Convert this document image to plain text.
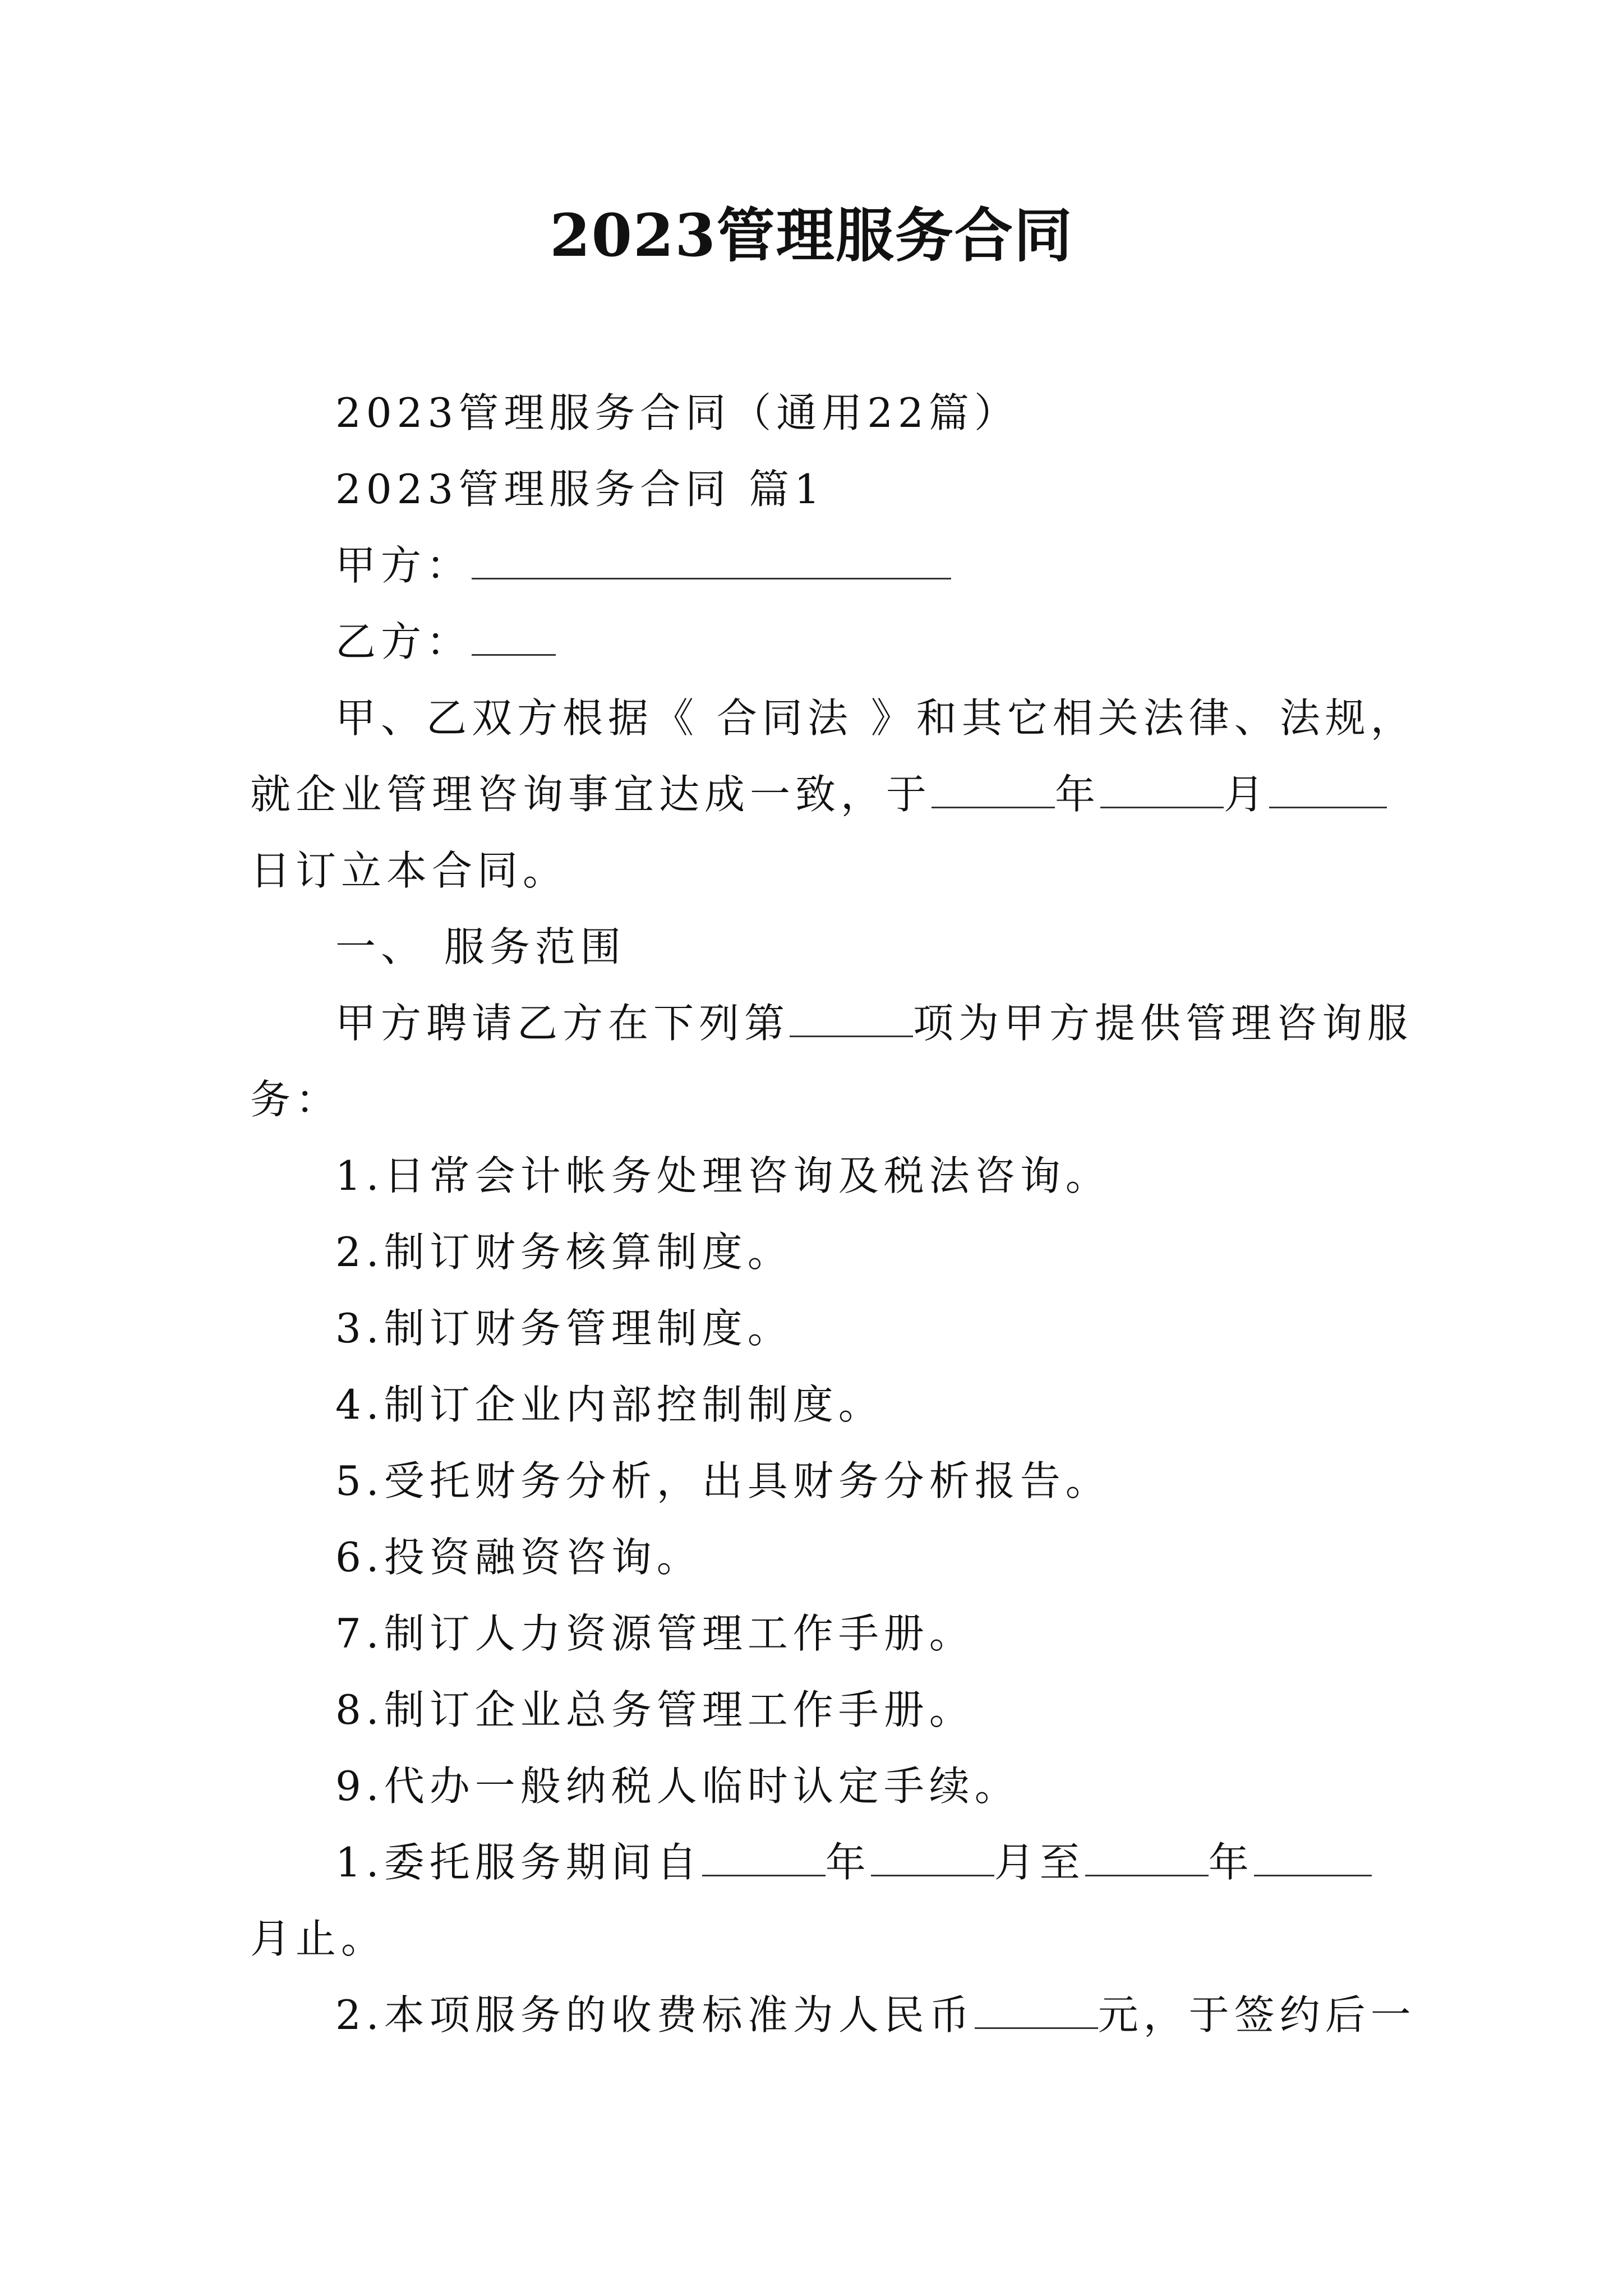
2023管理服务合同
2023管理服务合同（通用22篇）
2023管理服务合同 篇1
甲方：
乙方：
甲、乙双方根据《 合同法 》和其它相关法律、法规，
就企业管理咨询事宜达成一致，于	年	月
日订立本合同。
一、 服务范围
甲方聘请乙方在下列第	项为甲方提供管理咨询服
务：
1.日常会计帐务处理咨询及税法咨询。
2.制订财务核算制度。
3.制订财务管理制度。
4.制订企业内部控制制度。
5.受托财务分析，出具财务分析报告。
6.投资融资咨询。
7.制订人力资源管理工作手册。
8.制订企业总务管理工作手册。
9.代办一般纳税人临时认定手续。
1.委托服务期间自	年	月至	年
月止。
2.本项服务的收费标准为人民币	元，于签约后一
